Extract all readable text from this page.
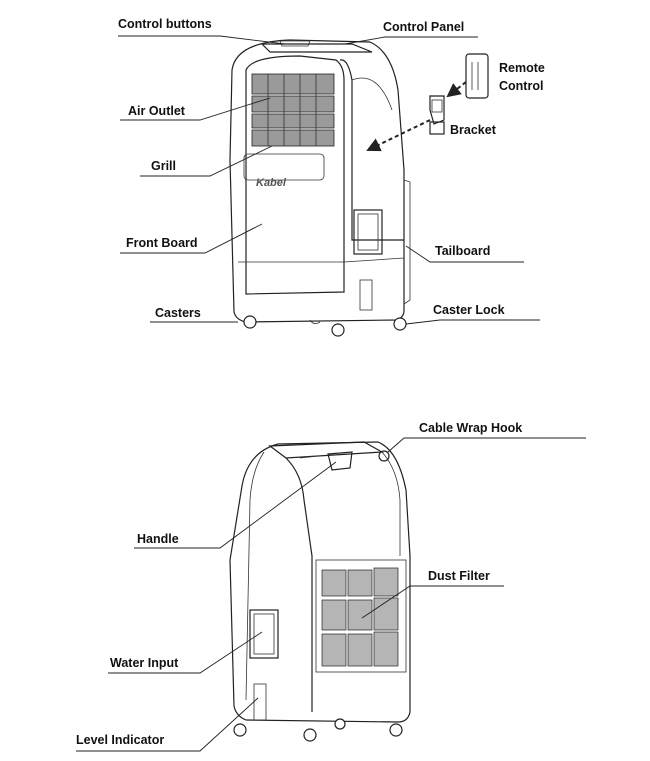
Kabel
Control buttons	Control Panel
Remote
Control
Air Outlet
Bracket
Grill
Front Board
Tailboard
Casters	Caster Lock
Cable Wrap Hook
Handle
Dust Filter
Water Input
Level Indicator
